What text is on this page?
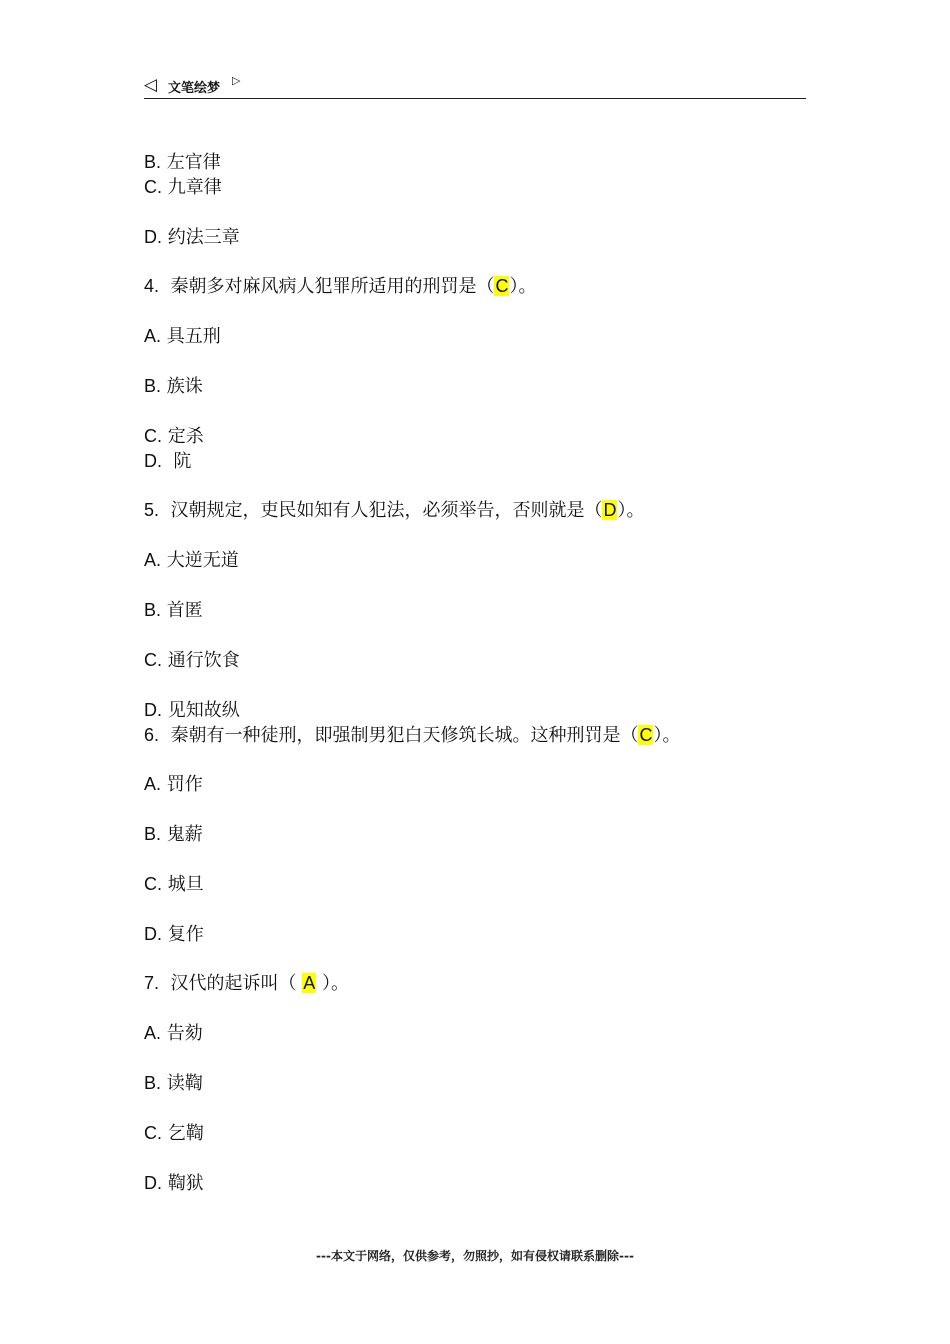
◁ 文笔绘梦
▷
B. 左官律
C. 九章律
D. 约法三章
4. 秦朝多对麻风病人犯罪所适用的刑罚是（C）。
A. 具五刑
B. 族诛
C. 定杀
D. 阬
5. 汉朝规定，吏民如知有人犯法，必须举告，否则就是（D）。
A. 大逆无道
B. 首匿
C. 通行饮食
D. 见知故纵
6. 秦朝有一种徒刑，即强制男犯白天修筑长城。这种刑罚是（C）。
A. 罚作
B. 鬼薪
C. 城旦
D. 复作
7. 汉代的起诉叫（ A ）。
A. 告劾
B. 读鞫
C. 乞鞫
D. 鞫狱
---本文于网络，仅供参考，勿照抄，如有侵权请联系删除---
